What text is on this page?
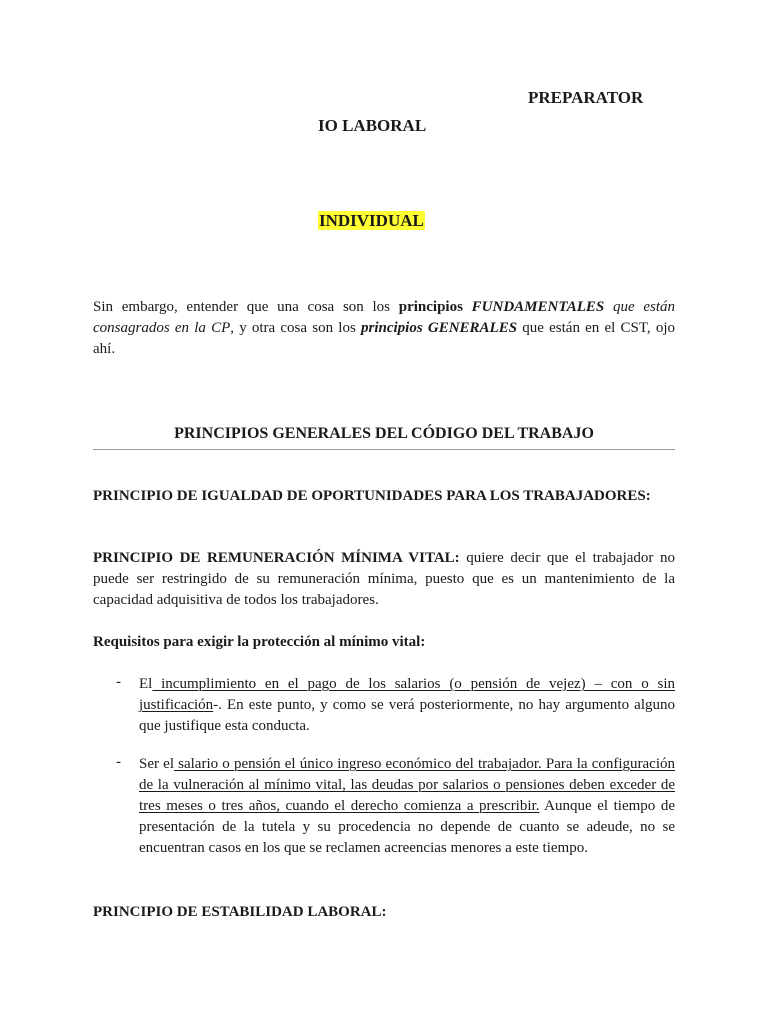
PREPARATOR
IO LABORAL
INDIVIDUAL
Sin embargo, entender que una cosa son los principios FUNDAMENTALES que están consagrados en la CP, y otra cosa son los principios GENERALES que están en el CST, ojo ahí.
PRINCIPIOS GENERALES DEL CÓDIGO DEL TRABAJO
PRINCIPIO DE IGUALDAD DE OPORTUNIDADES PARA LOS TRABAJADORES:
PRINCIPIO DE REMUNERACIÓN MÍNIMA VITAL: quiere decir que el trabajador no puede ser restringido de su remuneración mínima, puesto que es un mantenimiento de la capacidad adquisitiva de todos los trabajadores.
Requisitos para exigir la protección al mínimo vital:
- El incumplimiento en el pago de los salarios (o pensión de vejez) – con o sin justificación-. En este punto, y como se verá posteriormente, no hay argumento alguno que justifique esta conducta.
- Ser el salario o pensión el único ingreso económico del trabajador. Para la configuración de la vulneración al mínimo vital, las deudas por salarios o pensiones deben exceder de tres meses o tres años, cuando el derecho comienza a prescribir. Aunque el tiempo de presentación de la tutela y su procedencia no depende de cuanto se adeude, no se encuentran casos en los que se reclamen acreencias menores a este tiempo.
PRINCIPIO DE ESTABILIDAD LABORAL:
